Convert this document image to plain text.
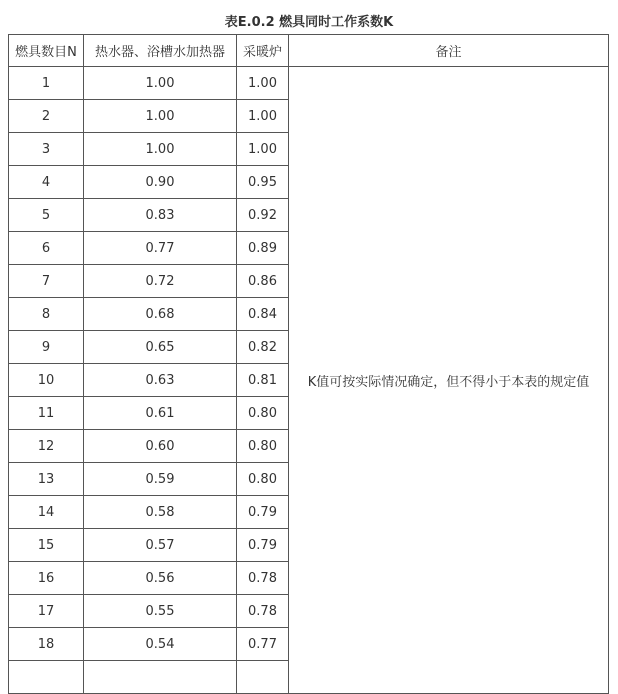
表E.0.2 燃具同时工作系数K
燃具数目N	热水器、浴槽水加热器	采暖炉	备注
1	1.00	1.00	K值可按实际情况确定，但不得小于本表的规定值
2	1.00	1.00	
3	1.00	1.00	
4	0.90	0.95	
5	0.83	0.92	
6	0.77	0.89	
7	0.72	0.86	
8	0.68	0.84	
9	0.65	0.82	
10	0.63	0.81	
11	0.61	0.80	
12	0.60	0.80	
13	0.59	0.80	
14	0.58	0.79	
15	0.57	0.79	
16	0.56	0.78	
17	0.55	0.78	
18	0.54	0.77	
